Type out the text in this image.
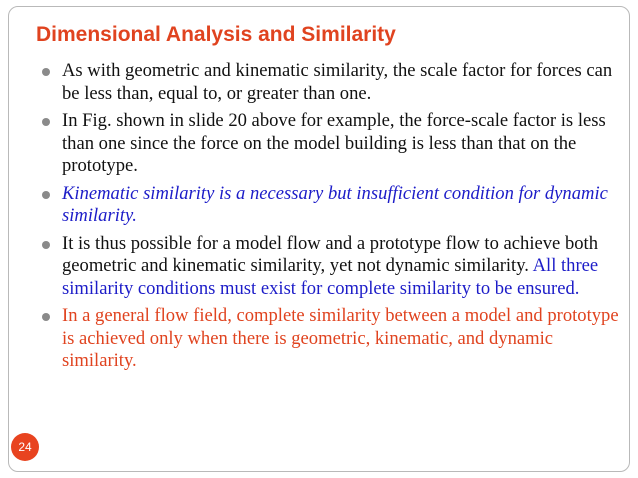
Dimensional Analysis and Similarity
As with geometric and kinematic similarity, the scale factor for forces can be less than, equal to, or greater than one.
In Fig. shown in slide 20 above for example, the force-scale factor is less than one since the force on the model building is less than that on the prototype.
Kinematic similarity is a necessary but insufficient condition for dynamic similarity.
It is thus possible for a model flow and a prototype flow to achieve both geometric and kinematic similarity, yet not dynamic similarity. All three similarity conditions must exist for complete similarity to be ensured.
In a general flow field, complete similarity between a model and prototype is achieved only when there is geometric, kinematic, and dynamic similarity.
24
